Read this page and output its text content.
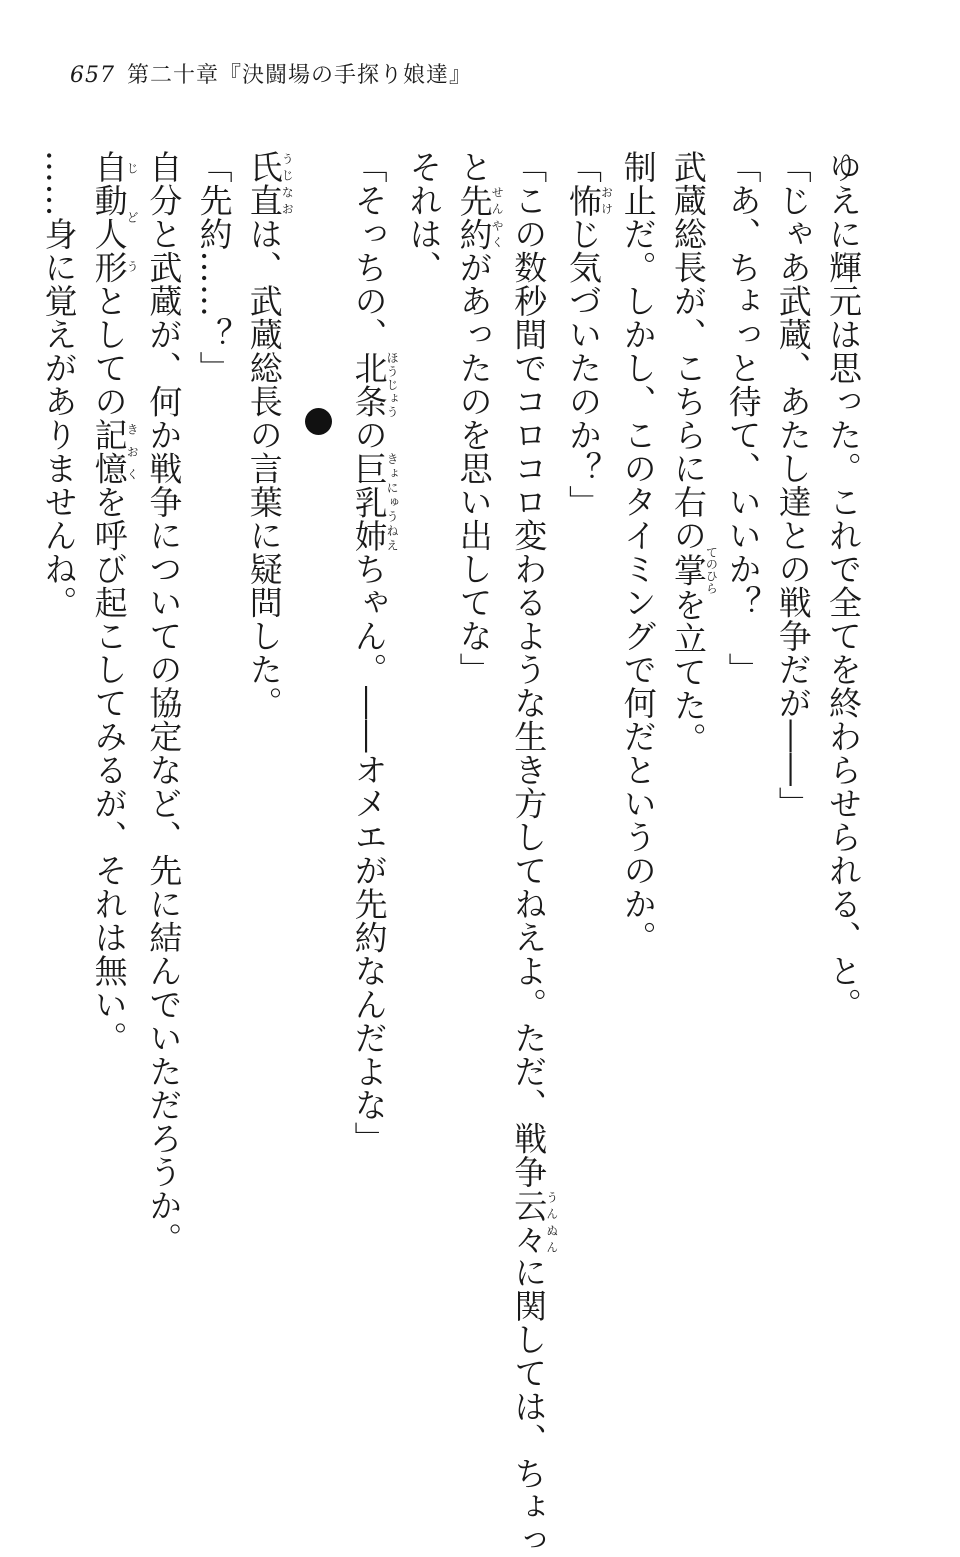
657 第二十章『決闘場の手探り娘達』
ゆえに輝元は思った。これで全てを終わらせられる、と。
「じゃあ武蔵、あたし達との戦争だが――」
「あ、ちょっと待て、いいか？　」
武蔵総長が、こちらに右の掌てのひらを立てた。
制止だ。しかし、このタイミングで何だというのか。
「怖おけじ気づいたのか？」
「この数秒間でコロコロ変わるような生き方してねえよ。ただ、戦争云々うんぬんに関しては、ちょっ
と先約せんやくがあったのを思い出してな」
それは、
「そっちの、北条ほうじょうの巨乳姉きょにゅうねえちゃん。――オメエが先約なんだよな」
氏直うじなおは、武蔵総長の言葉に疑問した。
「先約……？」
自分と武蔵が、何か戦争についての協定など、先に結んでいただろうか。
自動人形じどうとしての記憶きおくを呼び起こしてみるが、それは無い。
……身に覚えがありませんね。
